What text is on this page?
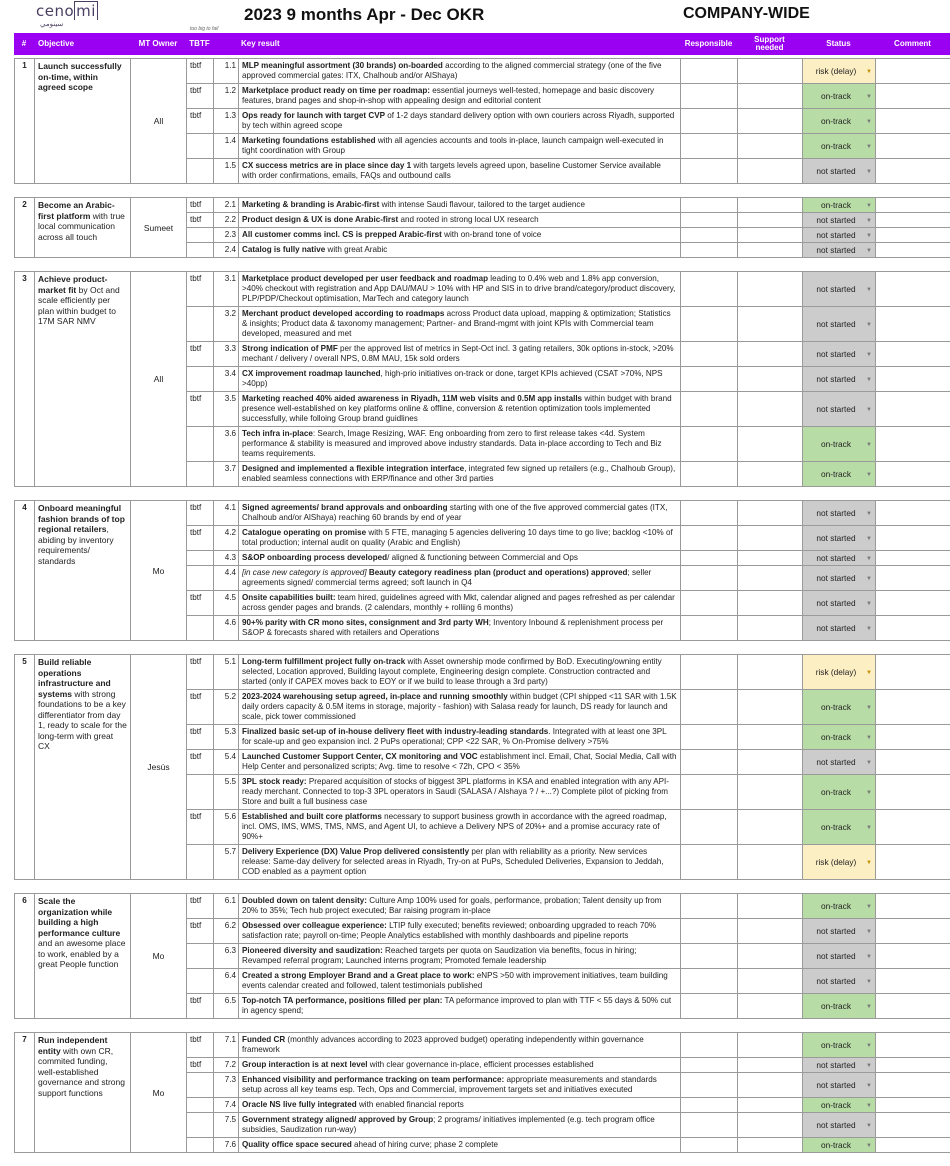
ceno mi
سينومي
2023 9 months Apr - Dec OKR	COMPANY-WIDE
too big to fail
#	Objective	MT Owner	TBTF	Key result	Responsible	Support needed	Status	Comment
1	Launch successfully on-time, within agreed scope	All	tbtf	1.1	MLP meaningful assortment (30 brands) on-boarded according to the aligned commercial strategy (one of the five approved commercial gates: ITX, Chalhoub and/or AlShaya)			risk (delay) ▼	

			tbtf	1.2	Marketplace product ready on time per roadmap: essential journeys well-tested, homepage and basic discovery features, brand pages and shop-in-shop with appealing design and editorial content			on-track ▼	

			tbtf	1.3	Ops ready for launch with target CVP of 1-2 days standard delivery option with own couriers across Riyadh, supported by tech within agreed scope			on-track ▼	

				1.4	Marketing foundations established with all agencies accounts and tools in-place, launch campaign well-executed in tight coordination with Group			on-track ▼	

				1.5	CX success metrics are in place since day 1 with targets levels agreed upon, baseline Customer Service available with order confirmations, emails, FAQs and outbound calls			not started ▼	

2	Become an Arabic-first platform with true local communication across all touch	Sumeet	tbtf	2.1	Marketing & branding is Arabic-first with intense Saudi flavour, tailored to the target audience			on-track ▼	

			tbtf	2.2	Product design & UX is done Arabic-first and rooted in strong local UX research			not started ▼	

				2.3	All customer comms incl. CS is prepped Arabic-first with on-brand tone of voice			not started ▼	

				2.4	Catalog is fully native with great Arabic			not started ▼	

3	Achieve product-market fit by Oct and scale efficiently per plan within budget to 17M SAR NMV	All	tbtf	3.1	Marketplace product developed per user feedback and roadmap leading to 0.4% web and 1.8% app conversion, >40% checkout with registration and App DAU/MAU > 10% with HP and SIS in to drive brand/category/product discovery, PLP/PDP/Checkout optimisation, MarTech and category launch			not started ▼	

				3.2	Merchant product developed according to roadmaps across Product data upload, mapping & optimization; Statistics & insights; Product data & taxonomy management; Partner- and Brand-mgmt with joint KPIs with Commercial team developed, measured and met			not started ▼	

			tbtf	3.3	Strong indication of PMF per the approved list of metrics in Sept-Oct incl. 3 gating retailers, 30k options in-stock, >20% mechant / delivery / overall NPS, 0.8M MAU, 15k sold orders			not started ▼	

				3.4	CX improvement roadmap launched, high-prio initiatives on-track or done, target KPIs achieved (CSAT >70%, NPS >40pp)			not started ▼	

			tbtf	3.5	Marketing reached 40% aided awareness in Riyadh, 11M web visits and 0.5M app installs within budget with brand presence well-established on key platforms online & offline, conversion & retention optimization tools implemented successfully, while folloing Group brand guidlines			not started ▼	

				3.6	Tech infra in-place: Search, Image Resizing, WAF. Eng onboarding from zero to first release takes <4d. System performance & stability is measured and improved above industry standards. Data in-place according to Tech and Biz teams requirements.			on-track ▼	

				3.7	Designed and implemented a flexible integration interface, integrated few signed up retailers (e.g., Chalhoub Group), enabled seamless connections with ERP/finance and other 3rd parties			on-track ▼	

4	Onboard meaningful fashion brands of top regional retailers, abiding by inventory requirements/ standards	Mo	tbtf	4.1	Signed agreements/ brand approvals and onboarding starting with one of the five approved commercial gates (ITX, Chalhoub and/or AlShaya) reaching 60 brands by end of year			not started ▼	

			tbtf	4.2	Catalogue operating on promise with 5 FTE, managing 5 agencies delivering 10 days time to go live; backlog <10% of total production; internal audit on quality (Arabic and English)			not started ▼	

				4.3	S&OP onboarding process developed/ aligned & functioning between Commercial and Ops			not started ▼	

				4.4	[in case new category is approved] Beauty category readiness plan (product and operations) approved; seller agreements signed/ commercial terms agreed; soft launch in Q4			not started ▼	

			tbtf	4.5	Onsite capabilities built: team hired, guidelines agreed with Mkt, calendar aligned and pages refreshed as per calendar across gender pages and brands. (2 calendars, monthly + rolliing 6 months)			not started ▼	

				4.6	90+% parity with CR mono sites, consignment and 3rd party WH; Inventory Inbound & replenishment process per S&OP & forecasts shared with retailers and Operations			not started ▼	

5	Build reliable operations infrastructure and systems with strong foundations to be a key differentiator from day 1, ready to scale for the long-term with great CX	Jesús	tbtf	5.1	Long-term fulfillment project fully on-track with Asset ownership mode confirmed by BoD. Executing/owning entity selected, Location approved, Building layout complete, Engineering design complete. Construction contracted and started (only if CAPEX moves back to EOY or if we build to lease through a 3rd party)			risk (delay) ▼	

			tbtf	5.2	2023-2024 warehousing setup agreed, in-place and running smoothly within budget (CPI shipped <11 SAR with 1.5K daily orders capacity & 0.5M items in storage, majority - fashion) with Salasa ready for launch, DS ready for launch and scale, pick tower commissioned			on-track ▼	

			tbtf	5.3	Finalized basic set-up of in-house delivery fleet with industry-leading standards. Integrated with at least one 3PL for scale-up and geo expansion incl. 2 PuPs operational; CPP <22 SAR, % On-Promise delivery >75%			on-track ▼	

			tbtf	5.4	Launched Customer Support Center, CX monitoring and VOC establishment incl. Email, Chat, Social Media, Call with Help Center and personalized scripts; Avg. time to resolve < 72h, CPO < 35%			not started ▼	

				5.5	3PL stock ready: Prepared acquisition of stocks of biggest 3PL platforms in KSA and enabled integration with any API-ready merchant. Connected to top-3 3PL operators in Saudi (SALASA / Alshaya ? / +...?) Complete pilot of picking from Store and built a full business case			on-track ▼	

			tbtf	5.6	Established and built core platforms necessary to support business growth in accordance with the agreed roadmap, incl. OMS, IMS, WMS, TMS, NMS, and Agent UI, to achieve a Delivery NPS of 20%+ and a promise accuracy rate of 90%+			on-track ▼	

				5.7	Delivery Experience (DX) Value Prop delivered consistently per plan with reliability as a priority. New services release: Same-day delivery for selected areas in Riyadh, Try-on at PuPs, Scheduled Deliveries, Expansion to Jeddah, COD enabled as a payment option			risk (delay) ▼	

6	Scale the organization while building a high performance culture and an awesome place to work, enabled by a great People function	Mo	tbtf	6.1	Doubled down on talent density: Culture Amp 100% used for goals, performance, probation; Talent density up from 20% to 35%; Tech hub project executed; Bar raising program in-place			on-track ▼	

			tbtf	6.2	Obsessed over colleague experience: LTIP fully executed; benefits reviewed; onboarding upgraded to reach 70% satisfaction rate; payroll on-time; People Analytics established with monthly dashboards and pipeline reports			not started ▼	

				6.3	Pioneered diversity and saudization: Reached targets per quota on Saudization via benefits, focus in hiring; Revamped referral program; Launched interns program; Promoted female leadership			not started ▼	

				6.4	Created a strong Employer Brand and a Great place to work: eNPS >50 with improvement initiatives, team building events calendar created and followed, talent testimonials published			not started ▼	

			tbtf	6.5	Top-notch TA performance, positions filled per plan: TA peformance improved to plan with TTF < 55 days & 50% cut in agency spend;			on-track ▼	

7	Run independent entity with own CR, commited funding, well-established governance and strong support functions	Mo	tbtf	7.1	Funded CR (monthly advances according to 2023 approved budget) operating independently within governance framework			on-track ▼	

			tbtf	7.2	Group interaction is at next level with clear governance in-place, efficient processes established			not started ▼	

				7.3	Enhanced visibility and performance tracking on team performance: appropriate measurements and standards setup across all key teams esp. Tech, Ops and Commercial, improvement targets set and initiatives executed			not started ▼	

				7.4	Oracle NS live fully integrated with enabled financial reports			on-track ▼	

				7.5	Government strategy aligned/ approved by Group; 2 programs/ initiatives implemented (e.g. tech program office subsidies, Saudization run-way)			not started ▼	

				7.6	Quality office space secured ahead of hiring curve; phase 2 complete			on-track ▼	
